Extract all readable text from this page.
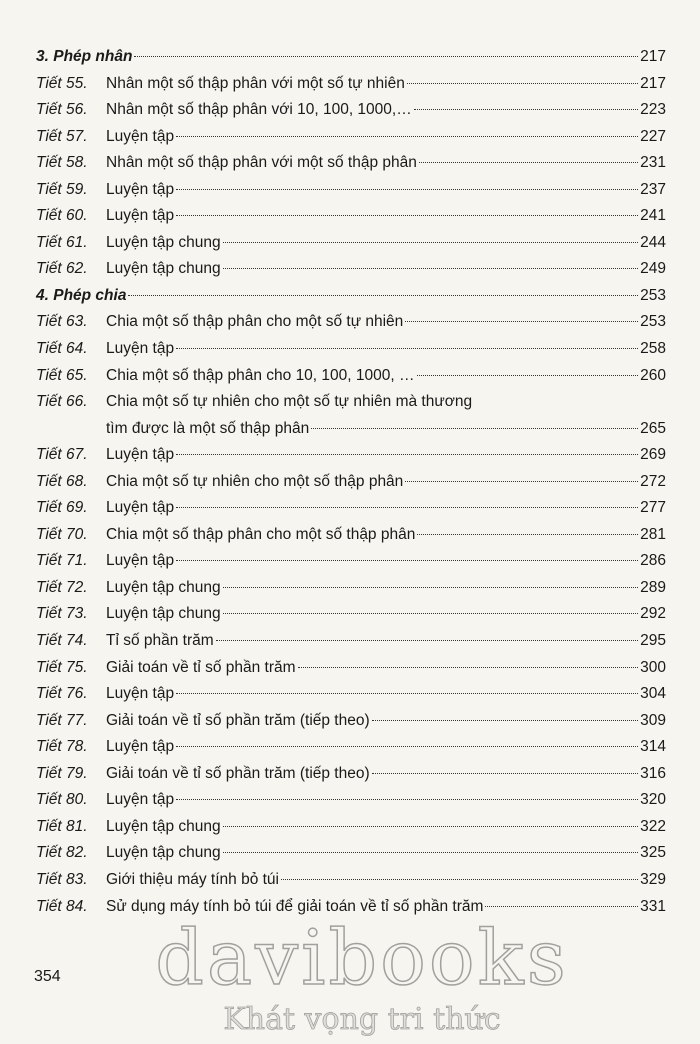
3. Phép nhân	217
Tiết 55.	Nhân một số thập phân với một số tự nhiên	217
Tiết 56.	Nhân một số thập phân với 10, 100, 1000,…	223
Tiết 57.	Luyện tập	227
Tiết 58.	Nhân một số thập phân với một số thập phân	231
Tiết 59.	Luyện tập	237
Tiết 60.	Luyện tập	241
Tiết 61.	Luyện tập chung	244
Tiết 62.	Luyện tập chung	249
4. Phép chia	253
Tiết 63.	Chia một số thập phân cho một số tự nhiên	253
Tiết 64.	Luyện tập	258
Tiết 65.	Chia một số thập phân cho 10, 100, 1000, …	260
Tiết 66.	Chia một số tự nhiên cho một số tự nhiên mà thương
tìm được là một số thập phân	265
Tiết 67.	Luyện tập	269
Tiết 68.	Chia một số tự nhiên cho một số thập phân	272
Tiết 69.	Luyện tập	277
Tiết 70.	Chia một số thập phân cho một số thập phân	281
Tiết 71.	Luyện tập	286
Tiết 72.	Luyện tập chung	289
Tiết 73.	Luyện tập chung	292
Tiết 74.	Tỉ số phần trăm	295
Tiết 75.	Giải toán về tỉ số phần trăm	300
Tiết 76.	Luyện tập	304
Tiết 77.	Giải toán về tỉ số phần trăm (tiếp theo)	309
Tiết 78.	Luyện tập	314
Tiết 79.	Giải toán về tỉ số phần trăm (tiếp theo)	316
Tiết 80.	Luyện tập	320
Tiết 81.	Luyện tập chung	322
Tiết 82.	Luyện tập chung	325
Tiết 83.	Giới thiệu máy tính bỏ túi	329
Tiết 84.	Sử dụng máy tính bỏ túi để giải toán về tỉ số phần trăm	331
354 davibooks
Khát vọng tri thức
